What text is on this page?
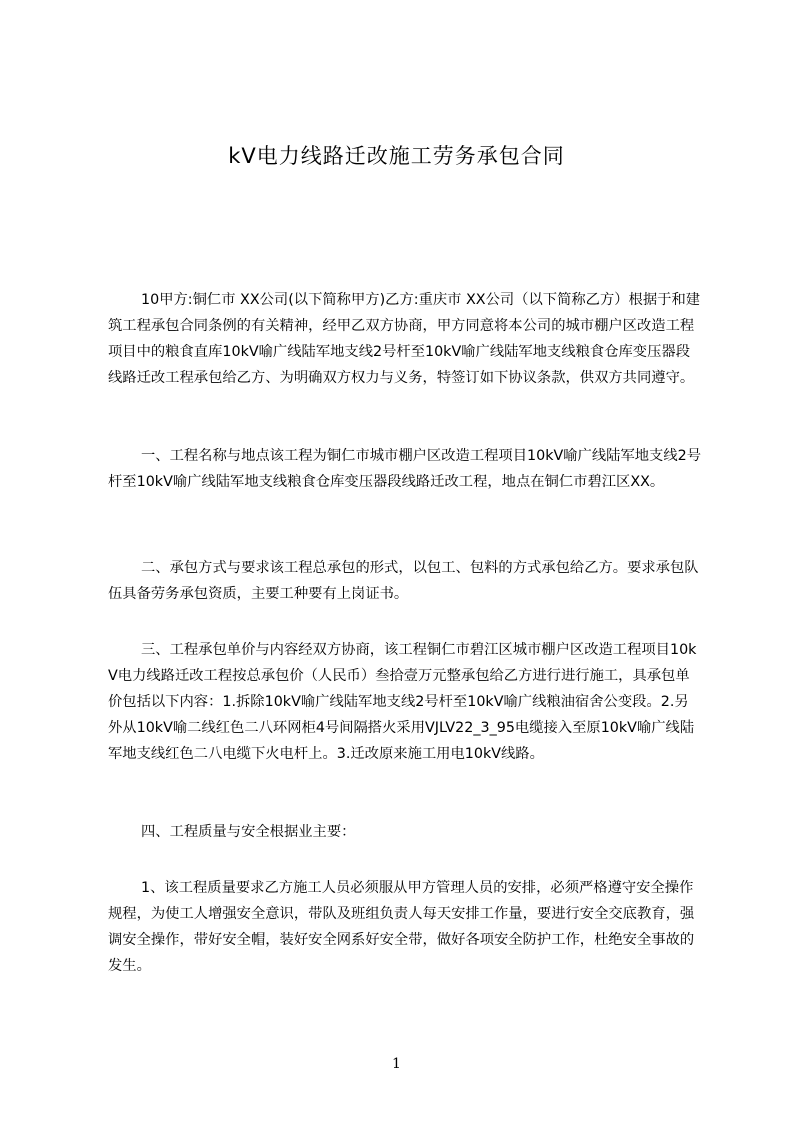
kV电力线路迁改施工劳务承包合同

10甲方:铜仁市 XX公司(以下简称甲方)乙方:重庆市 XX公司（以下简称乙方）根据于和建筑工程承包合同条例的有关精神，经甲乙双方协商，甲方同意将本公司的城市棚户区改造工程项目中的粮食直库10kV喻广线陆军地支线2号杆至10kV喻广线陆军地支线粮食仓库变压器段线路迁改工程承包给乙方、为明确双方权力与义务，特签订如下协议条款，供双方共同遵守。

一、工程名称与地点该工程为铜仁市城市棚户区改造工程项目10kV喻广线陆军地支线2号杆至10kV喻广线陆军地支线粮食仓库变压器段线路迁改工程，地点在铜仁市碧江区XX。

二、承包方式与要求该工程总承包的形式，以包工、包料的方式承包给乙方。要求承包队伍具备劳务承包资质，主要工种要有上岗证书。

三、工程承包单价与内容经双方协商，该工程铜仁市碧江区城市棚户区改造工程项目10kV电力线路迁改工程按总承包价（人民币）叁拾壹万元整承包给乙方进行进行施工，具承包单价包括以下内容：1.拆除10kV喻广线陆军地支线2号杆至10kV喻广线粮油宿舍公变段。2.另外从10kV喻二线红色二八环网柜4号间隔搭火采用VJLV22_3_95电缆接入至原10kV喻广线陆军地支线红色二八电缆下火电杆上。3.迁改原来施工用电10kV线路。

四、工程质量与安全根据业主要：

1、该工程质量要求乙方施工人员必须服从甲方管理人员的安排，必须严格遵守安全操作规程，为使工人增强安全意识，带队及班组负责人每天安排工作量，要进行安全交底教育，强调安全操作，带好安全帽，装好安全网系好安全带，做好各项安全防护工作，杜绝安全事故的发生。

1
